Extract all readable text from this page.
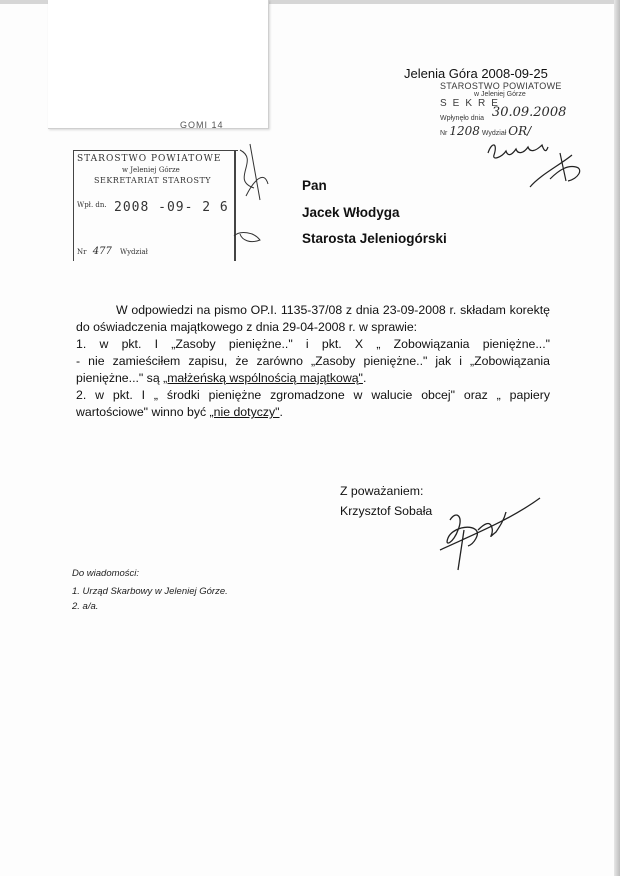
GOMI 14
Jelenia Góra 2008-09-25
STAROSTWO POWIATOWE
w Jeleniej Górze
SEKRE
Wpłynęło dnia 30.09.2008
Nr 1208 Wydział OR/
STAROSTWO POWIATOWE
w Jeleniej Górze
SEKRETARIAT STAROSTY
Wpł. dn. 2008 -09- 2 6
Nr 477 Wydział
Pan
Jacek Włodyga
Starosta Jeleniogórski

W odpowiedzi na pismo OP.I. 1135-37/08 z dnia 23-09-2008 r. składam korektę do oświadczenia majątkowego z dnia 29-04-2008 r. w sprawie:

1. w pkt. I „Zasoby pieniężne.." i pkt. X „ Zobowiązania pieniężne..."

- nie zamieściłem zapisu, że zarówno „Zasoby pieniężne.." jak i „Zobowiązania pieniężne..." są „małżeńską wspólnością majątkową".

2. w pkt. I „ środki pieniężne zgromadzone w walucie obcej" oraz „ papiery wartościowe" winno być „nie dotyczy".

Z poważaniem:
Krzysztof Sobała
Do wiadomości:
1. Urząd Skarbowy w Jeleniej Górze.
2. a/a.
